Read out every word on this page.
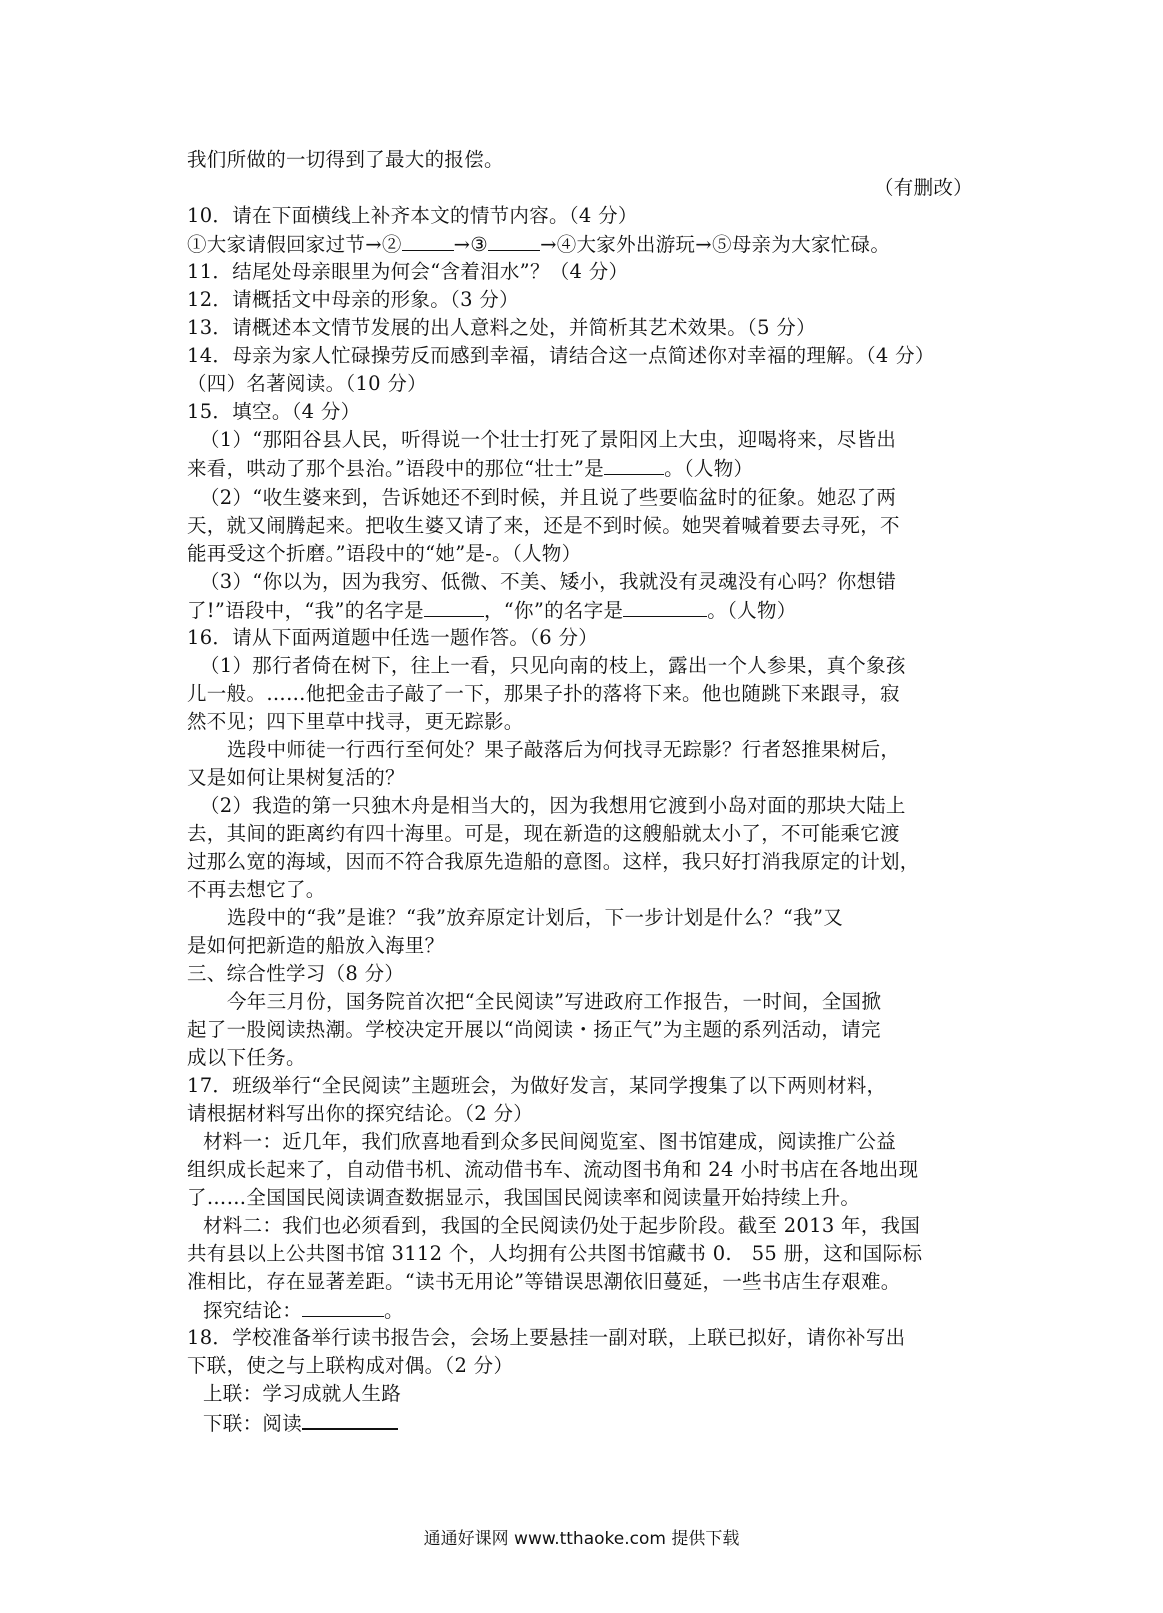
我们所做的一切得到了最大的报偿。
（有删改）
10．请在下面横线上补齐本文的情节内容。（4 分）
①大家请假回家过节→②	→③	→④大家外出游玩→⑤母亲为大家忙碌。
11．结尾处母亲眼里为何会“含着泪水”？（4 分）
12．请概括文中母亲的形象。（3 分）
13．请概述本文情节发展的出人意料之处，并简析其艺术效果。（5 分）
14．母亲为家人忙碌操劳反而感到幸福，请结合这一点简述你对幸福的理解。（4 分）
（四）名著阅读。（10 分）
15．填空。（4 分）
（1）“那阳谷县人民，听得说一个壮士打死了景阳冈上大虫，迎喝将来，尽皆出
来看，哄动了那个县治。”语段中的那位“壮士”是	。（人物）
（2）“收生婆来到，告诉她还不到时候，并且说了些要临盆时的征象。她忍了两
天，就又闹腾起来。把收生婆又请了来，还是不到时候。她哭着喊着要去寻死，不
能再受这个折磨。”语段中的“她”是-。（人物）
（3）“你以为，因为我穷、低微、不美、矮小，我就没有灵魂没有心吗？你想错
了!”语段中，“我”的名字是	，“你”的名字是	。（人物）
16．请从下面两道题中任选一题作答。（6 分）
（1）那行者倚在树下，往上一看，只见向南的枝上，露出一个人参果，真个象孩
儿一般。……他把金击子敲了一下，那果子扑的落将下来。他也随跳下来跟寻，寂
然不见；四下里草中找寻，更无踪影。
选段中师徒一行西行至何处？果子敲落后为何找寻无踪影？行者怒推果树后，
又是如何让果树复活的？
（2）我造的第一只独木舟是相当大的，因为我想用它渡到小岛对面的那块大陆上
去，其间的距离约有四十海里。可是，现在新造的这艘船就太小了，不可能乘它渡
过那么宽的海域，因而不符合我原先造船的意图。这样，我只好打消我原定的计划，
不再去想它了。
选段中的“我”是谁？“我”放弃原定计划后，下一步计划是什么？“我”又
是如何把新造的船放入海里？
三、综合性学习（8 分）
今年三月份，国务院首次把“全民阅读”写进政府工作报告，一时间，全国掀
起了一股阅读热潮。学校决定开展以“尚阅读・扬正气”为主题的系列活动，请完
成以下任务。
17．班级举行“全民阅读”主题班会，为做好发言，某同学搜集了以下两则材料，
请根据材料写出你的探究结论。（2 分）
材料一：近几年，我们欣喜地看到众多民间阅览室、图书馆建成，阅读推广公益
组织成长起来了，自动借书机、流动借书车、流动图书角和 24 小时书店在各地出现
了……全国国民阅读调查数据显示，我国国民阅读率和阅读量开始持续上升。
材料二：我们也必须看到，我国的全民阅读仍处于起步阶段。截至 2013 年，我国
共有县以上公共图书馆 3112 个，人均拥有公共图书馆藏书 0.　55 册，这和国际标
准相比，存在显著差距。“读书无用论”等错误思潮依旧蔓延，一些书店生存艰难。
探究结论：	。
18．学校准备举行读书报告会，会场上要悬挂一副对联，上联已拟好，请你补写出
下联，使之与上联构成对偶。（2 分）
上联：学习成就人生路
下联：阅读
通通好课网 www.tthaoke.com 提供下载
